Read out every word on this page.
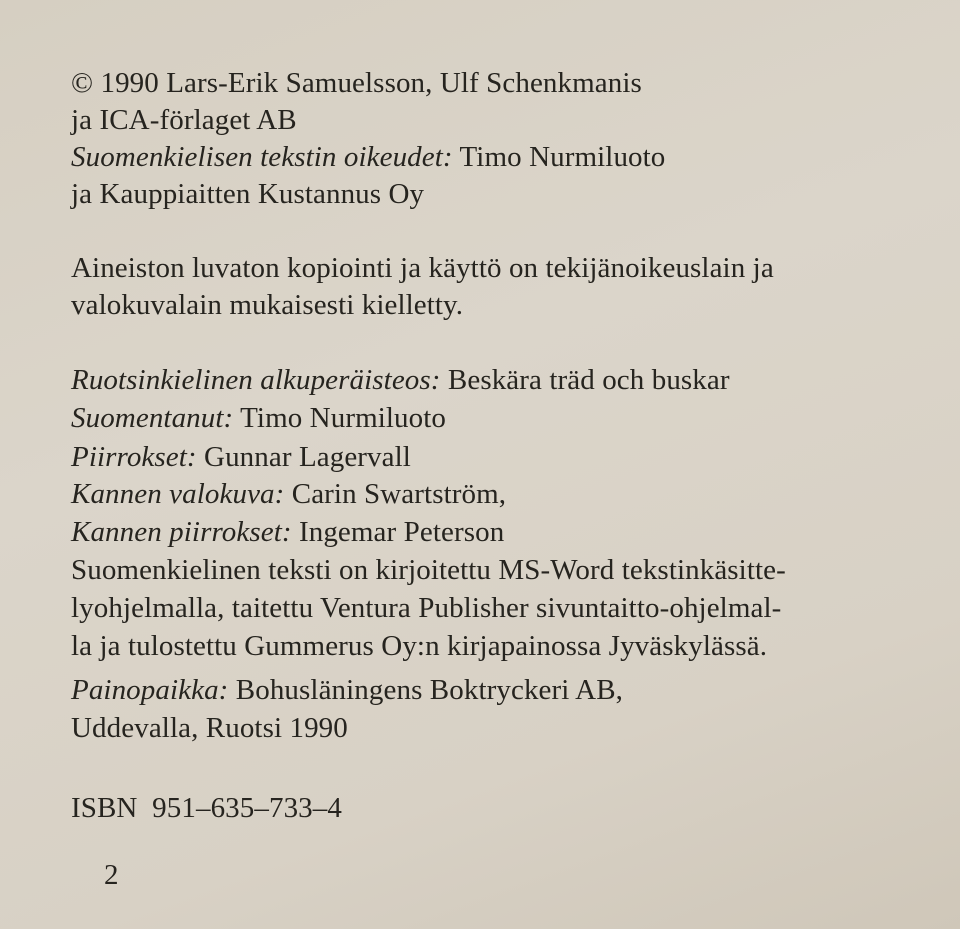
© 1990 Lars-Erik Samuelsson, Ulf Schenkmanis
ja ICA-förlaget AB
Suomenkielisen tekstin oikeudet: Timo Nurmiluoto
ja Kauppiaitten Kustannus Oy
Aineiston luvaton kopiointi ja käyttö on tekijänoikeuslain ja
valokuvalain mukaisesti kielletty.
Ruotsinkielinen alkuperäisteos: Beskära träd och buskar
Suomentanut: Timo Nurmiluoto
Piirrokset: Gunnar Lagervall
Kannen valokuva: Carin Swartström,
Kannen piirrokset: Ingemar Peterson
Suomenkielinen teksti on kirjoitettu MS-Word tekstinkäsitte-
lyohjelmalla, taitettu Ventura Publisher sivuntaitto-ohjelmal-
la ja tulostettu Gummerus Oy:n kirjapainossa Jyväskylässä.
Painopaikka: Bohusläningens Boktryckeri AB,
Uddevalla, Ruotsi 1990
ISBN  951–635–733–4
2
